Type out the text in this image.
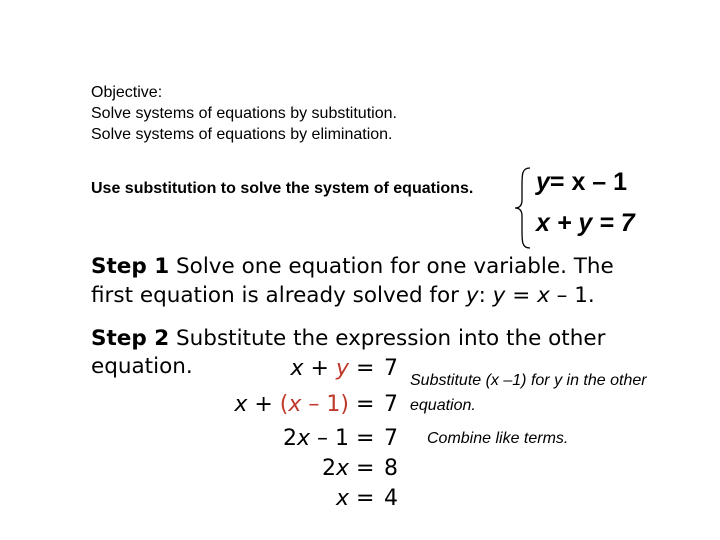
Objective:
Solve systems of equations by substitution.
Solve systems of equations by elimination.
Use substitution to solve the system of equations.	y= x – 1
x + y = 7
Step 1 Solve one equation for one variable. The
first equation is already solved for y: y = x – 1.
Step 2 Substitute the expression into the other
equation.	x + y = 7
x + (x – 1) = 7
2x – 1 = 7
2x = 8
x = 4
Substitute (x –1) for y in the other
equation.
Combine like terms.
